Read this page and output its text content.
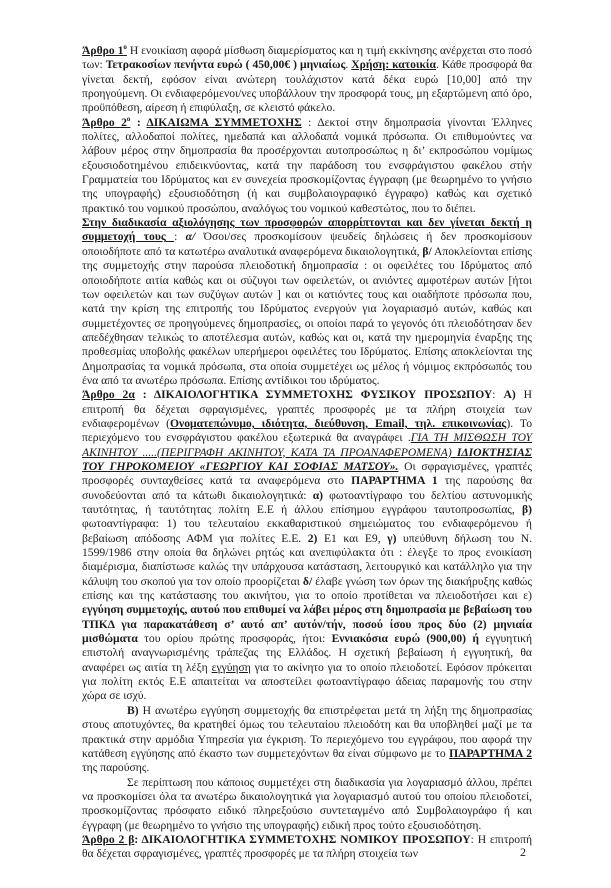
Άρθρο $1^o$ Η ενοικίαση αφορά μίσθωση διαμερίσματος και η τιμή εκκίνησης ανέρχεται στο ποσό των: Τετρακοσίων πενήντα ευρώ ( 450,00€ ) μηνιαίως. Χρήση: κατοικία. Κάθε προσφορά θα γίνεται δεκτή, εφόσον είναι ανώτερη τουλάχιστον κατά δέκα ευρώ [10,00] από την προηγούμενη. Οι ενδιαφερόμενοι/νες υποβάλλουν την προσφορά τους, μη εξαρτώμενη από όρο, προϋπόθεση, αίρεση ή επιφύλαξη, σε κλειστό φάκελο.

Άρθρο $2^o$ : ΔΙΚΑΙΩΜΑ ΣΥΜΜΕΤΟΧΗΣ : Δεκτοί στην δημοπρασία γίνονται Έλληνες πολίτες, αλλοδαποί πολίτες, ημεδαπά και αλλοδαπά νομικά πρόσωπα. Οι επιθυμούντες να λάβουν μέρος στην δημοπρασία θα προσέρχονται αυτοπροσώπως η δι’ εκπροσώπου νομίμως εξουσιοδοτημένου επιδεικνύοντας, κατά την παράδοση του ενσφράγιστου φακέλου στήν Γραμματεία του Ιδρύματος και εν συνεχεία προσκομίζοντας έγγραφη (με θεωρημένο το γνήσιο της υπογραφής) εξουσιοδότηση (ή και συμβολαιογραφικό έγγραφο) καθώς και σχετικό πρακτικό του νομικού προσώπου, αναλόγως του νομικού καθεστώτος, που το διέπει.

Στην διαδικασία αξιολόγησης των προσφορών απορρίπτονται και δεν γίνεται δεκτή η συμμετοχή τους : α/ Όσοι/σες προσκομίσουν ψευδείς δηλώσεις ή δεν προσκομίσουν οποιοδήποτε από τα κατωτέρω αναλυτικά αναφερόμενα δικαιολογητικά, β/ Αποκλείονται επίσης της συμμετοχής στην παρούσα πλειοδοτική δημοπρασία : οι οφειλέτες του Ιδρύματος από οποιοδήποτε αιτία καθώς και οι σύζυγοι των οφειλετών, οι ανιόντες αμφοτέρων αυτών [ήτοι των οφειλετών και των συζύγων αυτών ] και οι κατιόντες τους και οιαδήποτε πρόσωπα που, κατά την κρίση της επιτροπής του Ιδρύματος ενεργούν για λογαριασμό αυτών, καθώς και συμμετέχοντες σε προηγούμενες δημοπρασίες, οι οποίοι παρά το γεγονός ότι πλειοδότησαν δεν απεδέχθησαν τελικώς το αποτέλεσμα αυτών, καθώς και οι, κατά την ημερομηνία έναρξης της προθεσμίας υποβολής φακέλων υπερήμεροι οφειλέτες του Ιδρύματος. Επίσης αποκλείονται της Δημοπρασίας τα νομικά πρόσωπα, στα οποία συμμετέχει ως μέλος ή νόμιμος εκπρόσωπός του ένα από τα ανωτέρω πρόσωπα. Επίσης αντίδικοι του ιδρύματος.

Άρθρο 2α : ΔΙΚΑΙΟΛΟΓΗΤΙΚΑ ΣΥΜΜΕΤΟΧΗΣ ΦΥΣΙΚΟΥ ΠΡΟΣΩΠΟΥ: Α) Η επιτροπή θα δέχεται σφραγισμένες, γραπτές προσφορές με τα πλήρη στοιχεία των ενδιαφερομένων (Ονοματεπώνυμο, ιδιότητα, διεύθυνση, Email, τηλ. επικοινωνίας). Το περιεχόμενο του ενσφράγιστου φακέλου εξωτερικά θα αναγράφει .ΓΙΑ ΤΗ ΜΙΣΘΩΣΗ ΤΟΥ ΑΚΙΝΗΤΟΥ .....(ΠΕΡΙΓΡΑΦΗ ΑΚΙΝΗΤΟΥ, ΚΑΤΑ ΤΑ ΠΡΟΑΝΑΦΕΡΟΜΕΝΑ) ΙΔΙΟΚΤΗΣΙΑΣ ΤΟΥ ΓΗΡΟΚΟΜΕΙΟΥ «ΓΕΩΡΓΙΟΥ ΚΑΙ ΣΟΦΙΑΣ ΜΑΤΣΟΥ». Οι σφραγισμένες, γραπτές προσφορές συνταχθείσες κατά τα αναφερόμενα στο ΠΑΡΑΡΤΗΜΑ 1 της παρούσης θα συνοδεύονται από τα κάτωθι δικαιολογητικά: α) φωτοαντίγραφο του δελτίου αστυνομικής ταυτότητας, ή ταυτότητας πολίτη Ε.Ε ή άλλου επίσημου εγγράφου ταυτοπροσωπίας, β) φωτοαντίγραφα: 1) του τελευταίου εκκαθαριστικού σημειώματος του ενδιαφερόμενου ή βεβαίωση απόδοσης ΑΦΜ για πολίτες Ε.Ε. 2) Ε1 και Ε9, γ) υπεύθυνη δήλωση του Ν. 1599/1986 στην οποία θα δηλώνει ρητώς και ανεπιφύλακτα ότι : έλεγξε το προς ενοικίαση διαμέρισμα, διαπίστωσε καλώς την υπάρχουσα κατάσταση, λειτουργικό και κατάλληλο για την κάλυψη του σκοπού για τον οποίο προορίζεται δ/ έλαβε γνώση των όρων της διακήρυξης καθώς επίσης και της κατάστασης του ακινήτου, για το οποίο προτίθεται να πλειοδοτήσει και ε) εγγύηση συμμετοχής, αυτού που επιθυμεί να λάβει μέρος στη δημοπρασία με βεβαίωση του ΤΠΚΔ για παρακατάθεση σ’ αυτό απ’ αυτόν/τήν, ποσού ίσου προς δύο (2) μηνιαία μισθώματα του ορίου πρώτης προσφοράς, ήτοι: Εννιακόσια ευρώ (900,00) ή εγγυητική επιστολή αναγνωρισμένης τράπεζας της Ελλάδος. Η σχετική βεβαίωση ή εγγυητική, θα αναφέρει ως αιτία τη λέξη εγγύηση για το ακίνητο για το οποίο πλειοδοτεί. Εφόσον πρόκειται για πολίτη εκτός Ε.Ε απαιτείται να αποστείλει φωτοαντίγραφο άδειας παραμονής του στην χώρα σε ισχύ.

Β) Η ανωτέρω εγγύηση συμμετοχής θα επιστρέφεται μετά τη λήξη της δημοπρασίας στους αποτυχόντες, θα κρατηθεί όμως του τελευταίου πλειοδότη και θα υποβληθεί μαζί με τα πρακτικά στην αρμόδια Υπηρεσία για έγκριση. Το περιεχόμενο του εγγράφου, που αφορά την κατάθεση εγγύησης από έκαστο των συμμετεχόντων θα είναι σύμφωνο με το ΠΑΡΑΡΤΗΜΑ 2 της παρούσης.

Σε περίπτωση που κάποιος συμμετέχει στη διαδικασία για λογαριασμό άλλου, πρέπει να προσκομίσει όλα τα ανωτέρω δικαιολογητικά για λογαριασμό αυτού του οποίου πλειοδοτεί, προσκομίζοντας πρόσφατο ειδικό πληρεξούσιο συντεταγμένο από Συμβολαιογράφο ή και έγγραφη (με θεωρημένο το γνήσιο της υπογραφής) ειδική προς τούτο εξουσιοδότηση.

Άρθρο 2 β: ΔΙΚΑΙΟΛΟΓΗΤΙΚΑ ΣΥΜΜΕΤΟΧΗΣ ΝΟΜΙΚΟΥ ΠΡΟΣΩΠΟΥ: Η επιτροπή θα δέχεται σφραγισμένες, γραπτές προσφορές με τα πλήρη στοιχεία των	2
